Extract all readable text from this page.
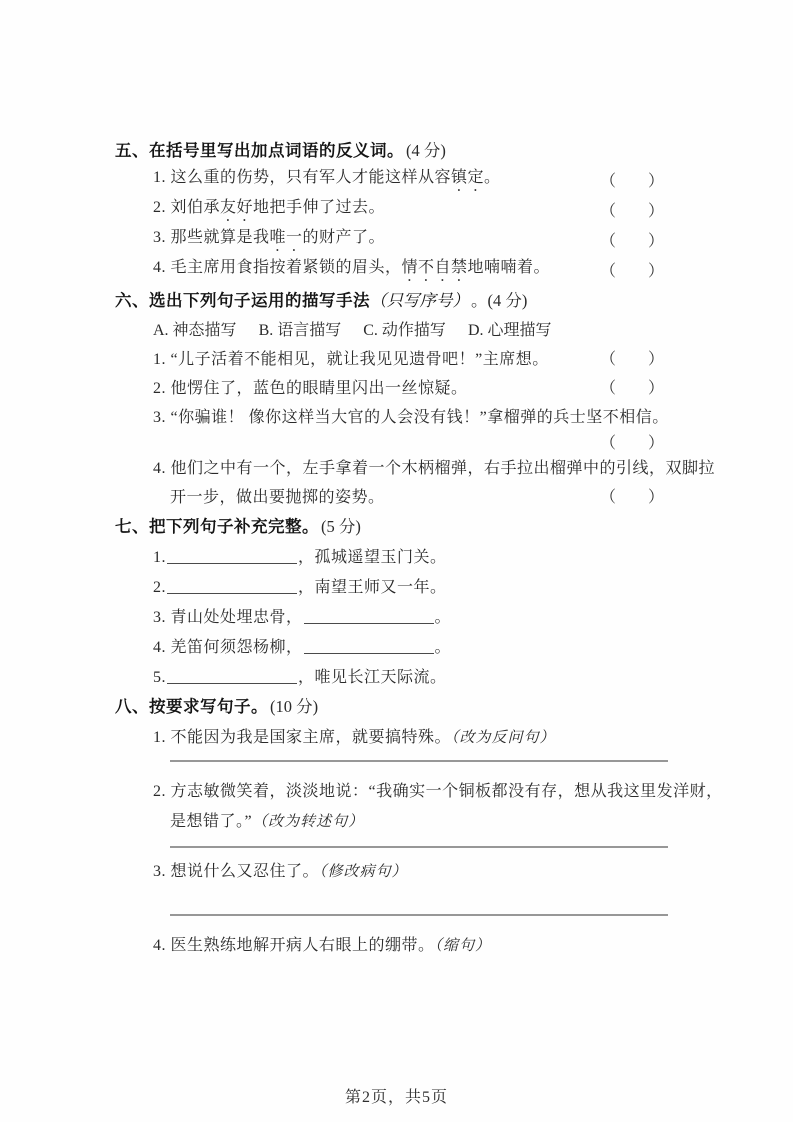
五、在括号里写出加点词语的反义词。 (4 分)
1. 这么重的伤势，只有军人才能这样从容镇定。	（　　）
2. 刘伯承友好地把手伸了过去。	（　　）
3. 那些就算是我唯一的财产了。	（　　）
4. 毛主席用食指按着紧锁的眉头，情不自禁地喃喃着。	（　　）
六、选出下列句子运用的描写手法 （只写序号） 。(4 分)
A. 神态描写 B. 语言描写 C. 动作描写 D. 心理描写
1. “儿子活着不能相见，就让我见见遗骨吧！”主席想。	（　　）
2. 他愣住了，蓝色的眼睛里闪出一丝惊疑。	（　　）
3. “你骗谁！ 像你这样当大官的人会没有钱！”拿榴弹的兵士坚不相信。
（　　）
4. 他们之中有一个，左手拿着一个木柄榴弹，右手拉出榴弹中的引线，双脚拉
开一步，做出要抛掷的姿势。	（　　）
七、把下列句子补充完整。 (5 分)
1.	，孤城遥望玉门关。
2.	，南望王师又一年。
3. 青山处处埋忠骨，	。
4. 羌笛何须怨杨柳，	。
5.	，唯见长江天际流。
八、按要求写句子。 (10 分)
1. 不能因为我是国家主席，就要搞特殊。（改为反问句）
2. 方志敏微笑着，淡淡地说：“我确实一个铜板都没有存，想从我这里发洋财，
是想错了。”（改为转述句）
3. 想说什么又忍住了。（修改病句）
4. 医生熟练地解开病人右眼上的绷带。（缩句）
第2页，共5页
